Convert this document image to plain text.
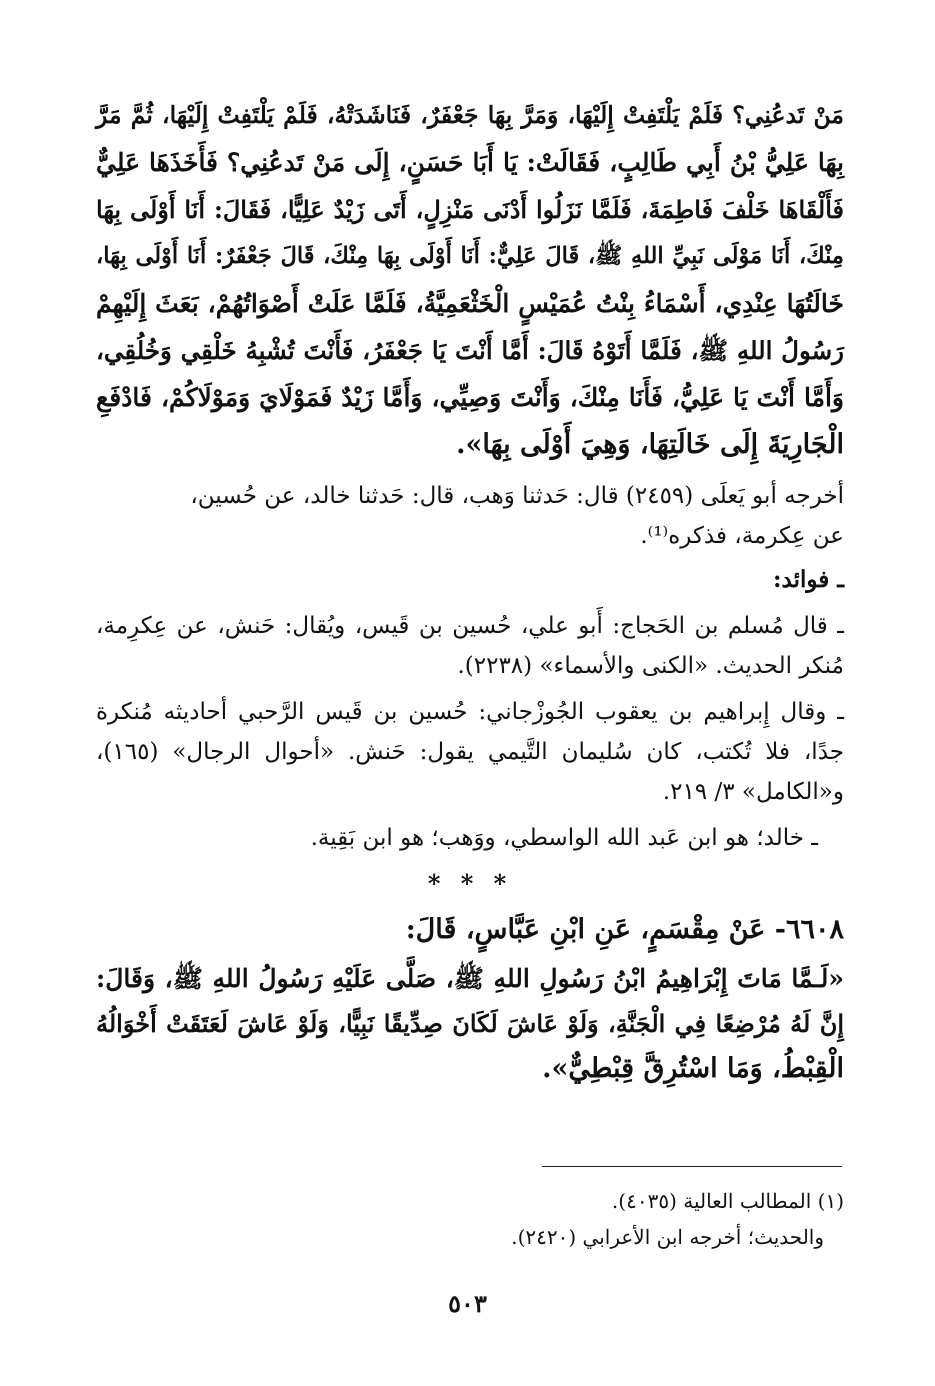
مَنْ تَدعُنِي؟ فَلَمْ يَلْتَفِتْ إِلَيْهَا، وَمَرَّ بِهَا جَعْفَرٌ، فَنَاشَدَتْهُ، فَلَمْ يَلْتَفِتْ إِلَيْهَا، ثُمَّ مَرَّ
بِهَا عَلِيُّ بْنُ أَبِي طَالِبٍ، فَقَالَتْ: يَا أَبَا حَسَنٍ، إِلَى مَنْ تَدعُنِي؟ فَأَخَذَهَا عَلِيٌّ
فَأَلْقَاهَا خَلْفَ فَاطِمَةَ، فَلَمَّا نَزَلُوا أَدْنَى مَنْزِلٍ، أَتَى زَيْدٌ عَلِيًّا، فَقَالَ: أَنَا أَوْلَى بِهَا
مِنْكَ، أَنَا مَوْلَى نَبِيِّ اللهِ ﷺ، قَالَ عَلِيٌّ: أَنَا أَوْلَى بِهَا مِنْكَ، قَالَ جَعْفَرٌ: أَنَا أَوْلَى بِهَا،
خَالَتُهَا عِنْدِي، أَسْمَاءُ بِنْتُ عُمَيْسٍ الْخَثْعَمِيَّةُ، فَلَمَّا عَلَتْ أَصْوَاتُهُمْ، بَعَثَ إِلَيْهِمْ
رَسُولُ اللهِ ﷺ، فَلَمَّا أَتَوْهُ قَالَ: أَمَّا أَنْتَ يَا جَعْفَرُ، فَأَنْتَ تُشْبِهُ خَلْقِي وَخُلُقِي،
وَأَمَّا أَنْتَ يَا عَلِيُّ، فَأَنَا مِنْكَ، وَأَنْتَ وَصِيِّي، وَأَمَّا زَيْدٌ فَمَوْلَايَ وَمَوْلَاكُمْ، فَادْفَعِ
الْجَارِيَةَ إِلَى خَالَتِهَا، وَهِيَ أَوْلَى بِهَا».
أخرجه أبو يَعلَى (٢٤٥٩) قال: حَدثنا وَهب، قال: حَدثنا خالد، عن حُسين،
عن عِكرمة، فذكره⁽¹⁾.
ـ فوائد:
ـ قال مُسلم بن الحَجاج: أَبو علي، حُسين بن قَيس، ويُقال: حَنش، عن عِكرِمة،
مُنكر الحديث. «الكنى والأسماء» (٢٢٣٨).
ـ وقال إِبراهيم بن يعقوب الجُوزْجاني: حُسين بن قَيس الرَّحبي أحاديثه مُنكرة
جدًا، فلا تُكتب، كان سُليمان التَّيمي يقول: حَنش. «أحوال الرجال» (١٦٥)،
و«الكامل» ٣/ ٢١٩.
ـ خالد؛ هو ابن عَبد الله الواسطي، ووَهب؛ هو ابن بَقِية.
* * *
٦٦٠٨- عَنْ مِقْسَمٍ، عَنِ ابْنِ عَبَّاسٍ، قَالَ:
«لَـمَّا مَاتَ إِبْرَاهِيمُ ابْنُ رَسُولِ اللهِ ﷺ، صَلَّى عَلَيْهِ رَسُولُ اللهِ ﷺ، وَقَالَ:
إِنَّ لَهُ مُرْضِعًا فِي الْجَنَّةِ، وَلَوْ عَاشَ لَكَانَ صِدِّيقًا نَبِيًّا، وَلَوْ عَاشَ لَعَتَقَتْ أَخْوَالُهُ
الْقِبْطُ، وَمَا اسْتُرِقَّ قِبْطِيٌّ».
(١) المطالب العالية (٤٠٣٥).
والحديث؛ أخرجه ابن الأعرابي (٢٤٢٠).
٥٠٣
